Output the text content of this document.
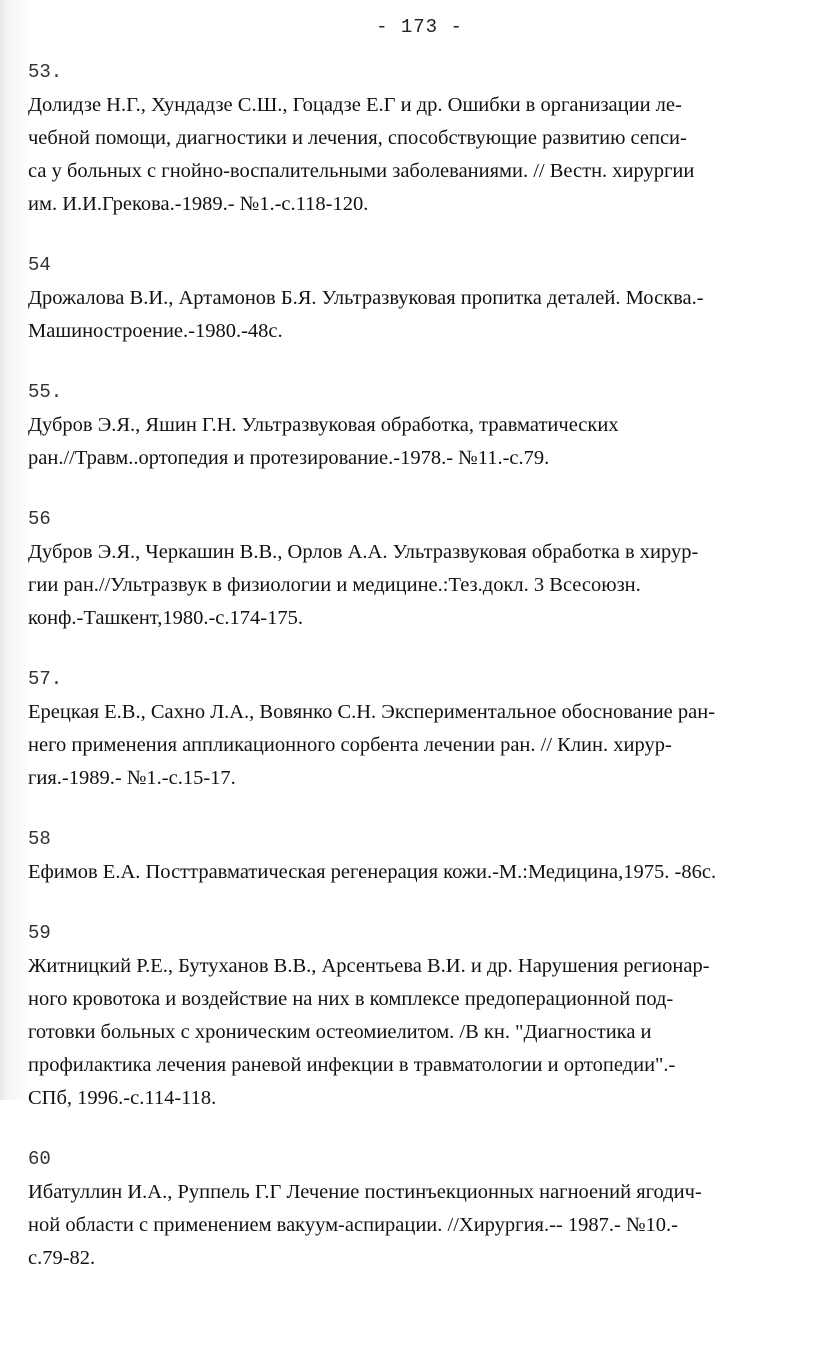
- 173 -
53.
Долидзе Н.Г., Хундадзе С.Ш., Гоцадзе Е.Г и др. Ошибки в организации ле-
чебной помощи, диагностики и лечения, способствующие развитию сепси-
са у больных с гнойно-воспалительными заболеваниями. // Вестн. хирургии
им. И.И.Грекова.-1989.- №1.-с.118-120.
54
Дрожалова В.И., Артамонов Б.Я. Ультразвуковая пропитка деталей. Москва.-
Машиностроение.-1980.-48с.
55.
Дубров Э.Я., Яшин Г.Н. Ультразвуковая обработка, травматических
ран.//Травм..ортопедия и протезирование.-1978.- №11.-с.79.
56
Дубров Э.Я., Черкашин В.В., Орлов А.А. Ультразвуковая обработка в хирур-
гии ран.//Ультразвук в физиологии и медицине.:Тез.докл. 3 Всесоюзн.
конф.-Ташкент,1980.-с.174-175.
57.
Ерецкая Е.В., Сахно Л.А., Вовянко С.Н. Экспериментальное обоснование ран-
него применения аппликационного сорбента лечении ран. // Клин. хирур-
гия.-1989.- №1.-с.15-17.
58
Ефимов Е.А. Посттравматическая регенерация кожи.-М.:Медицина,1975. -86с.
59
Житницкий Р.Е., Бутуханов В.В., Арсентьева В.И. и др. Нарушения регионар-
ного кровотока и воздействие на них в комплексе предоперационной под-
готовки больных с хроническим остеомиелитом. /В кн. "Диагностика и
профилактика лечения раневой инфекции в травматологии и ортопедии".-
СПб, 1996.-с.114-118.
60
Ибатуллин И.А., Руппель Г.Г Лечение постинъекционных нагноений ягодич-
ной области с применением вакуум-аспирации. //Хирургия.-- 1987.- №10.-
с.79-82.
